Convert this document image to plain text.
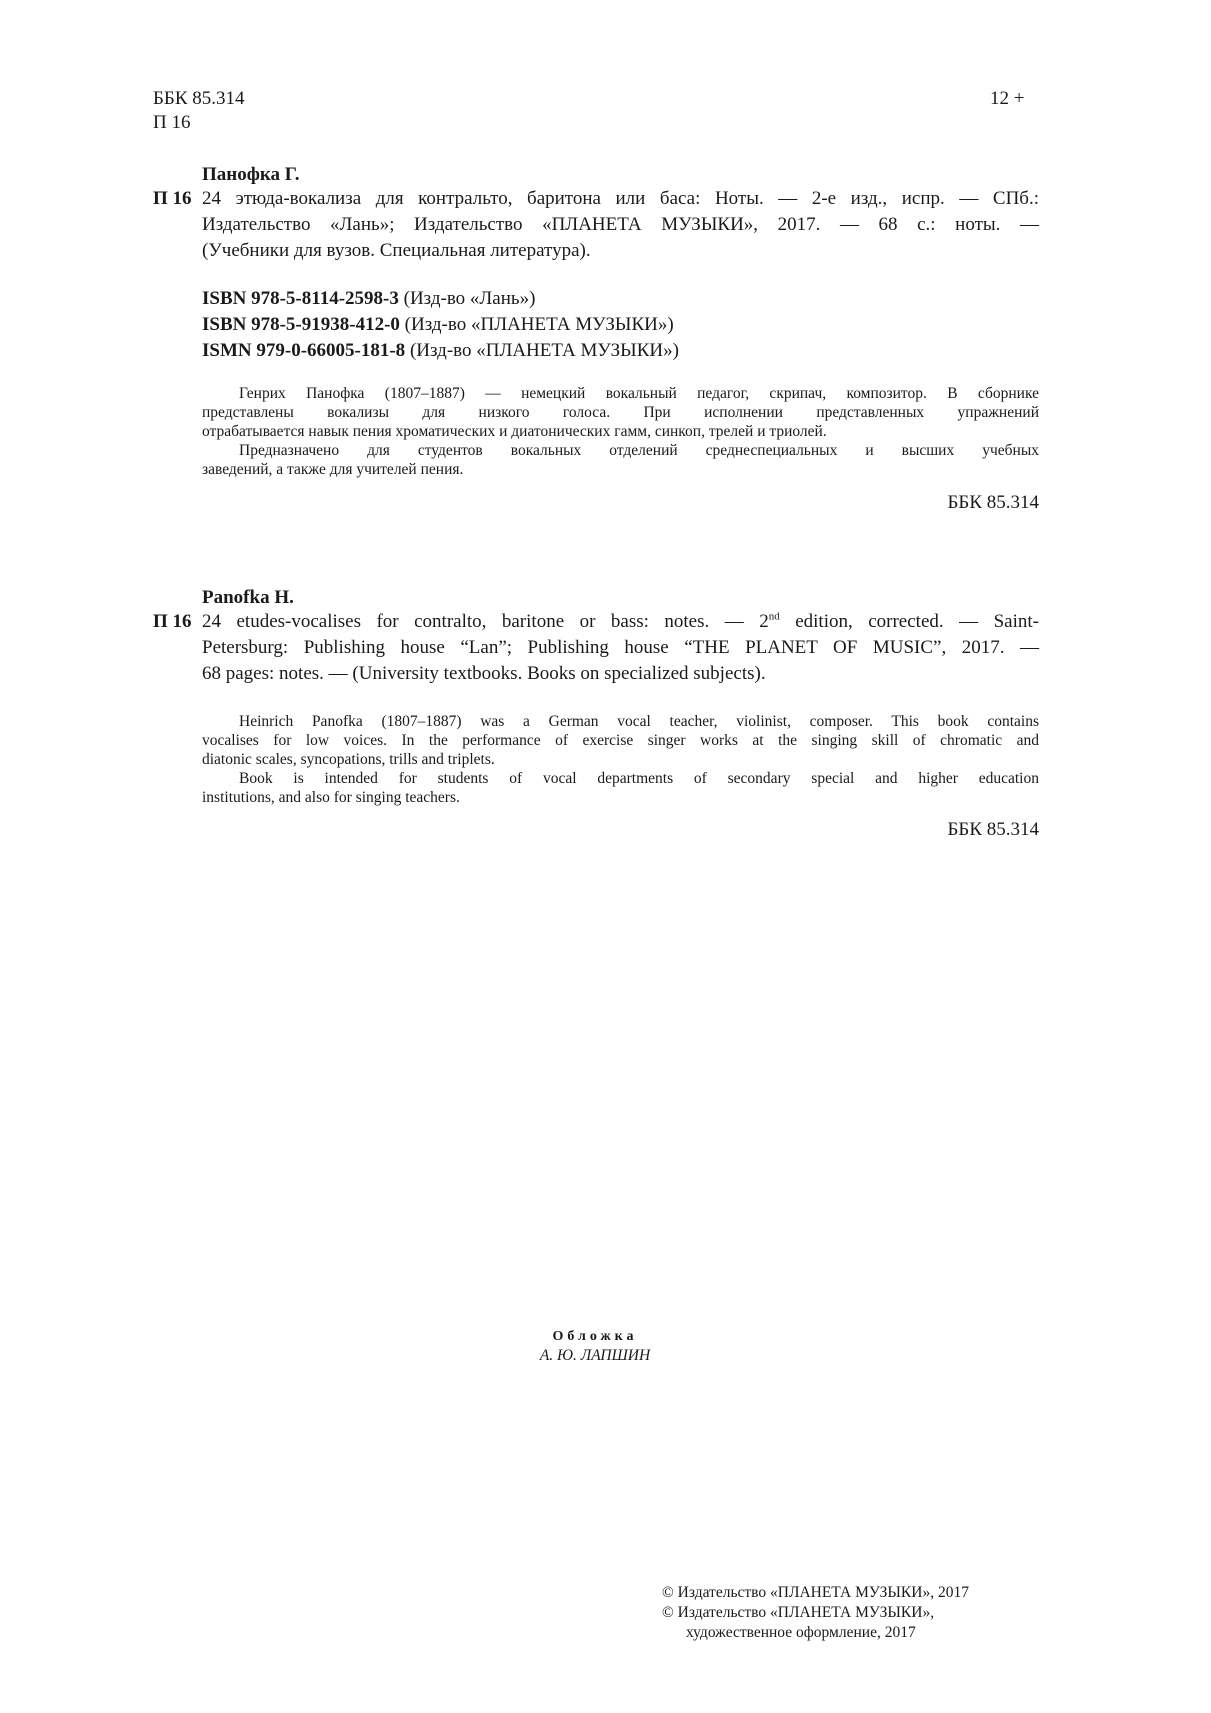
ББК 85.314
П 16
12 +
Панофка Г.
П 16 24 этюда-вокализа для контральто, баритона или баса: Ноты. — 2-е изд., испр. — СПб.:
Издательство «Лань»; Издательство «ПЛАНЕТА МУЗЫКИ», 2017. — 68 с.: ноты. —
(Учебники для вузов. Специальная литература).
ISBN 978-5-8114-2598-3 (Изд-во «Лань»)
ISBN 978-5-91938-412-0 (Изд-во «ПЛАНЕТА МУЗЫКИ»)
ISMN 979-0-66005-181-8 (Изд-во «ПЛАНЕТА МУЗЫКИ»)
Генрих Панофка (1807–1887) — немецкий вокальный педагог, скрипач, композитор. В сборнике
представлены вокализы для низкого голоса. При исполнении представленных упражнений
отрабатывается навык пения хроматических и диатонических гамм, синкоп, трелей и триолей.
Предназначено для студентов вокальных отделений среднеспециальных и высших учебных
заведений, а также для учителей пения.
ББК 85.314
Panofka H.
П 16 24 etudes-vocalises for contralto, baritone or bass: notes. — 2nd edition, corrected. — Saint-
Petersburg: Publishing house “Lan”; Publishing house “THE PLANET OF MUSIC”, 2017. —
68 pages: notes. — (University textbooks. Books on specialized subjects).
Heinrich Panofka (1807–1887) was a German vocal teacher, violinist, composer. This book contains
vocalises for low voices. In the performance of exercise singer works at the singing skill of chromatic and
diatonic scales, syncopations, trills and triplets.
Book is intended for students of vocal departments of secondary special and higher education
institutions, and also for singing teachers.
ББК 85.314
Обложка
А. Ю. ЛАПШИН
© Издательство «ПЛАНЕТА МУЗЫКИ», 2017
© Издательство «ПЛАНЕТА МУЗЫКИ»,
художественное оформление, 2017
